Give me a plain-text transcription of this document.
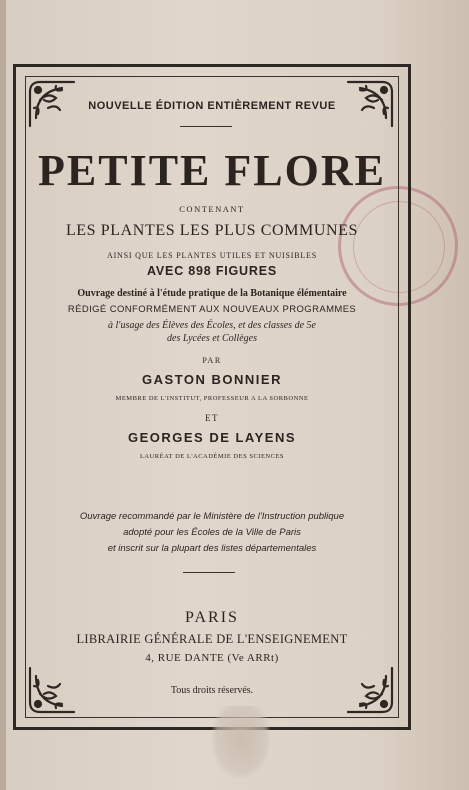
NOUVELLE ÉDITION ENTIÈREMENT REVUE
PETITE FLORE
CONTENANT
LES PLANTES LES PLUS COMMUNES
AINSI QUE LES PLANTES UTILES ET NUISIBLES
AVEC 898 FIGURES
Ouvrage destiné à l'étude pratique de la Botanique élémentaire
RÉDIGÉ CONFORMÉMENT AUX NOUVEAUX PROGRAMMES
à l'usage des Élèves des Écoles, et des classes de 5e
des Lycées et Collèges
PAR
GASTON BONNIER
MEMBRE DE L'INSTITUT, PROFESSEUR A LA SORBONNE
ET
GEORGES DE LAYENS
LAURÉAT DE L'ACADÉMIE DES SCIENCES
Ouvrage recommandé par le Ministère de l'Instruction publique
adopté pour les Écoles de la Ville de Paris
et inscrit sur la plupart des listes départementales
PARIS
LIBRAIRIE GÉNÉRALE DE L'ENSEIGNEMENT
4, RUE DANTE (Ve ARRt)
Tous droits réservés.
